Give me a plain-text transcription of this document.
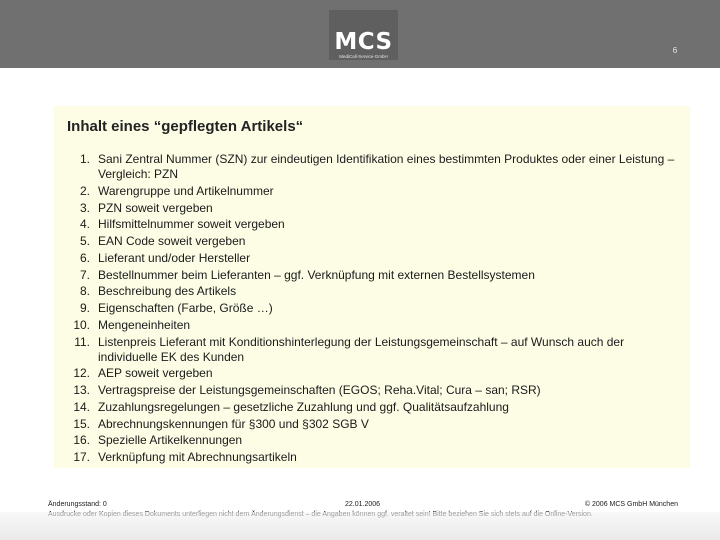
MCS
MediCall-Service-GmbH
6
Inhalt eines “gepflegten Artikels“
1. Sani Zentral Nummer (SZN) zur eindeutigen Identifikation eines bestimmten Produktes oder einer Leistung – Vergleich: PZN
2. Warengruppe und Artikelnummer
3. PZN soweit vergeben
4. Hilfsmittelnummer soweit vergeben
5. EAN Code soweit vergeben
6. Lieferant und/oder Hersteller
7. Bestellnummer beim Lieferanten – ggf. Verknüpfung mit externen Bestellsystemen
8. Beschreibung des Artikels
9. Eigenschaften (Farbe, Größe …)
10. Mengeneinheiten
11. Listenpreis Lieferant mit Konditionshinterlegung der Leistungsgemeinschaft – auf Wunsch auch der individuelle EK des Kunden
12. AEP soweit vergeben
13. Vertragspreise der Leistungsgemeinschaften (EGOS; Reha.Vital; Cura – san; RSR)
14. Zuzahlungsregelungen – gesetzliche Zuzahlung und ggf. Qualitätsaufzahlung
15. Abrechnungskennungen für §300 und §302 SGB V
16. Spezielle Artikelkennungen
17. Verknüpfung mit Abrechnungsartikeln
Änderungsstand: 0	22.01.2006	© 2006 MCS GmbH München
